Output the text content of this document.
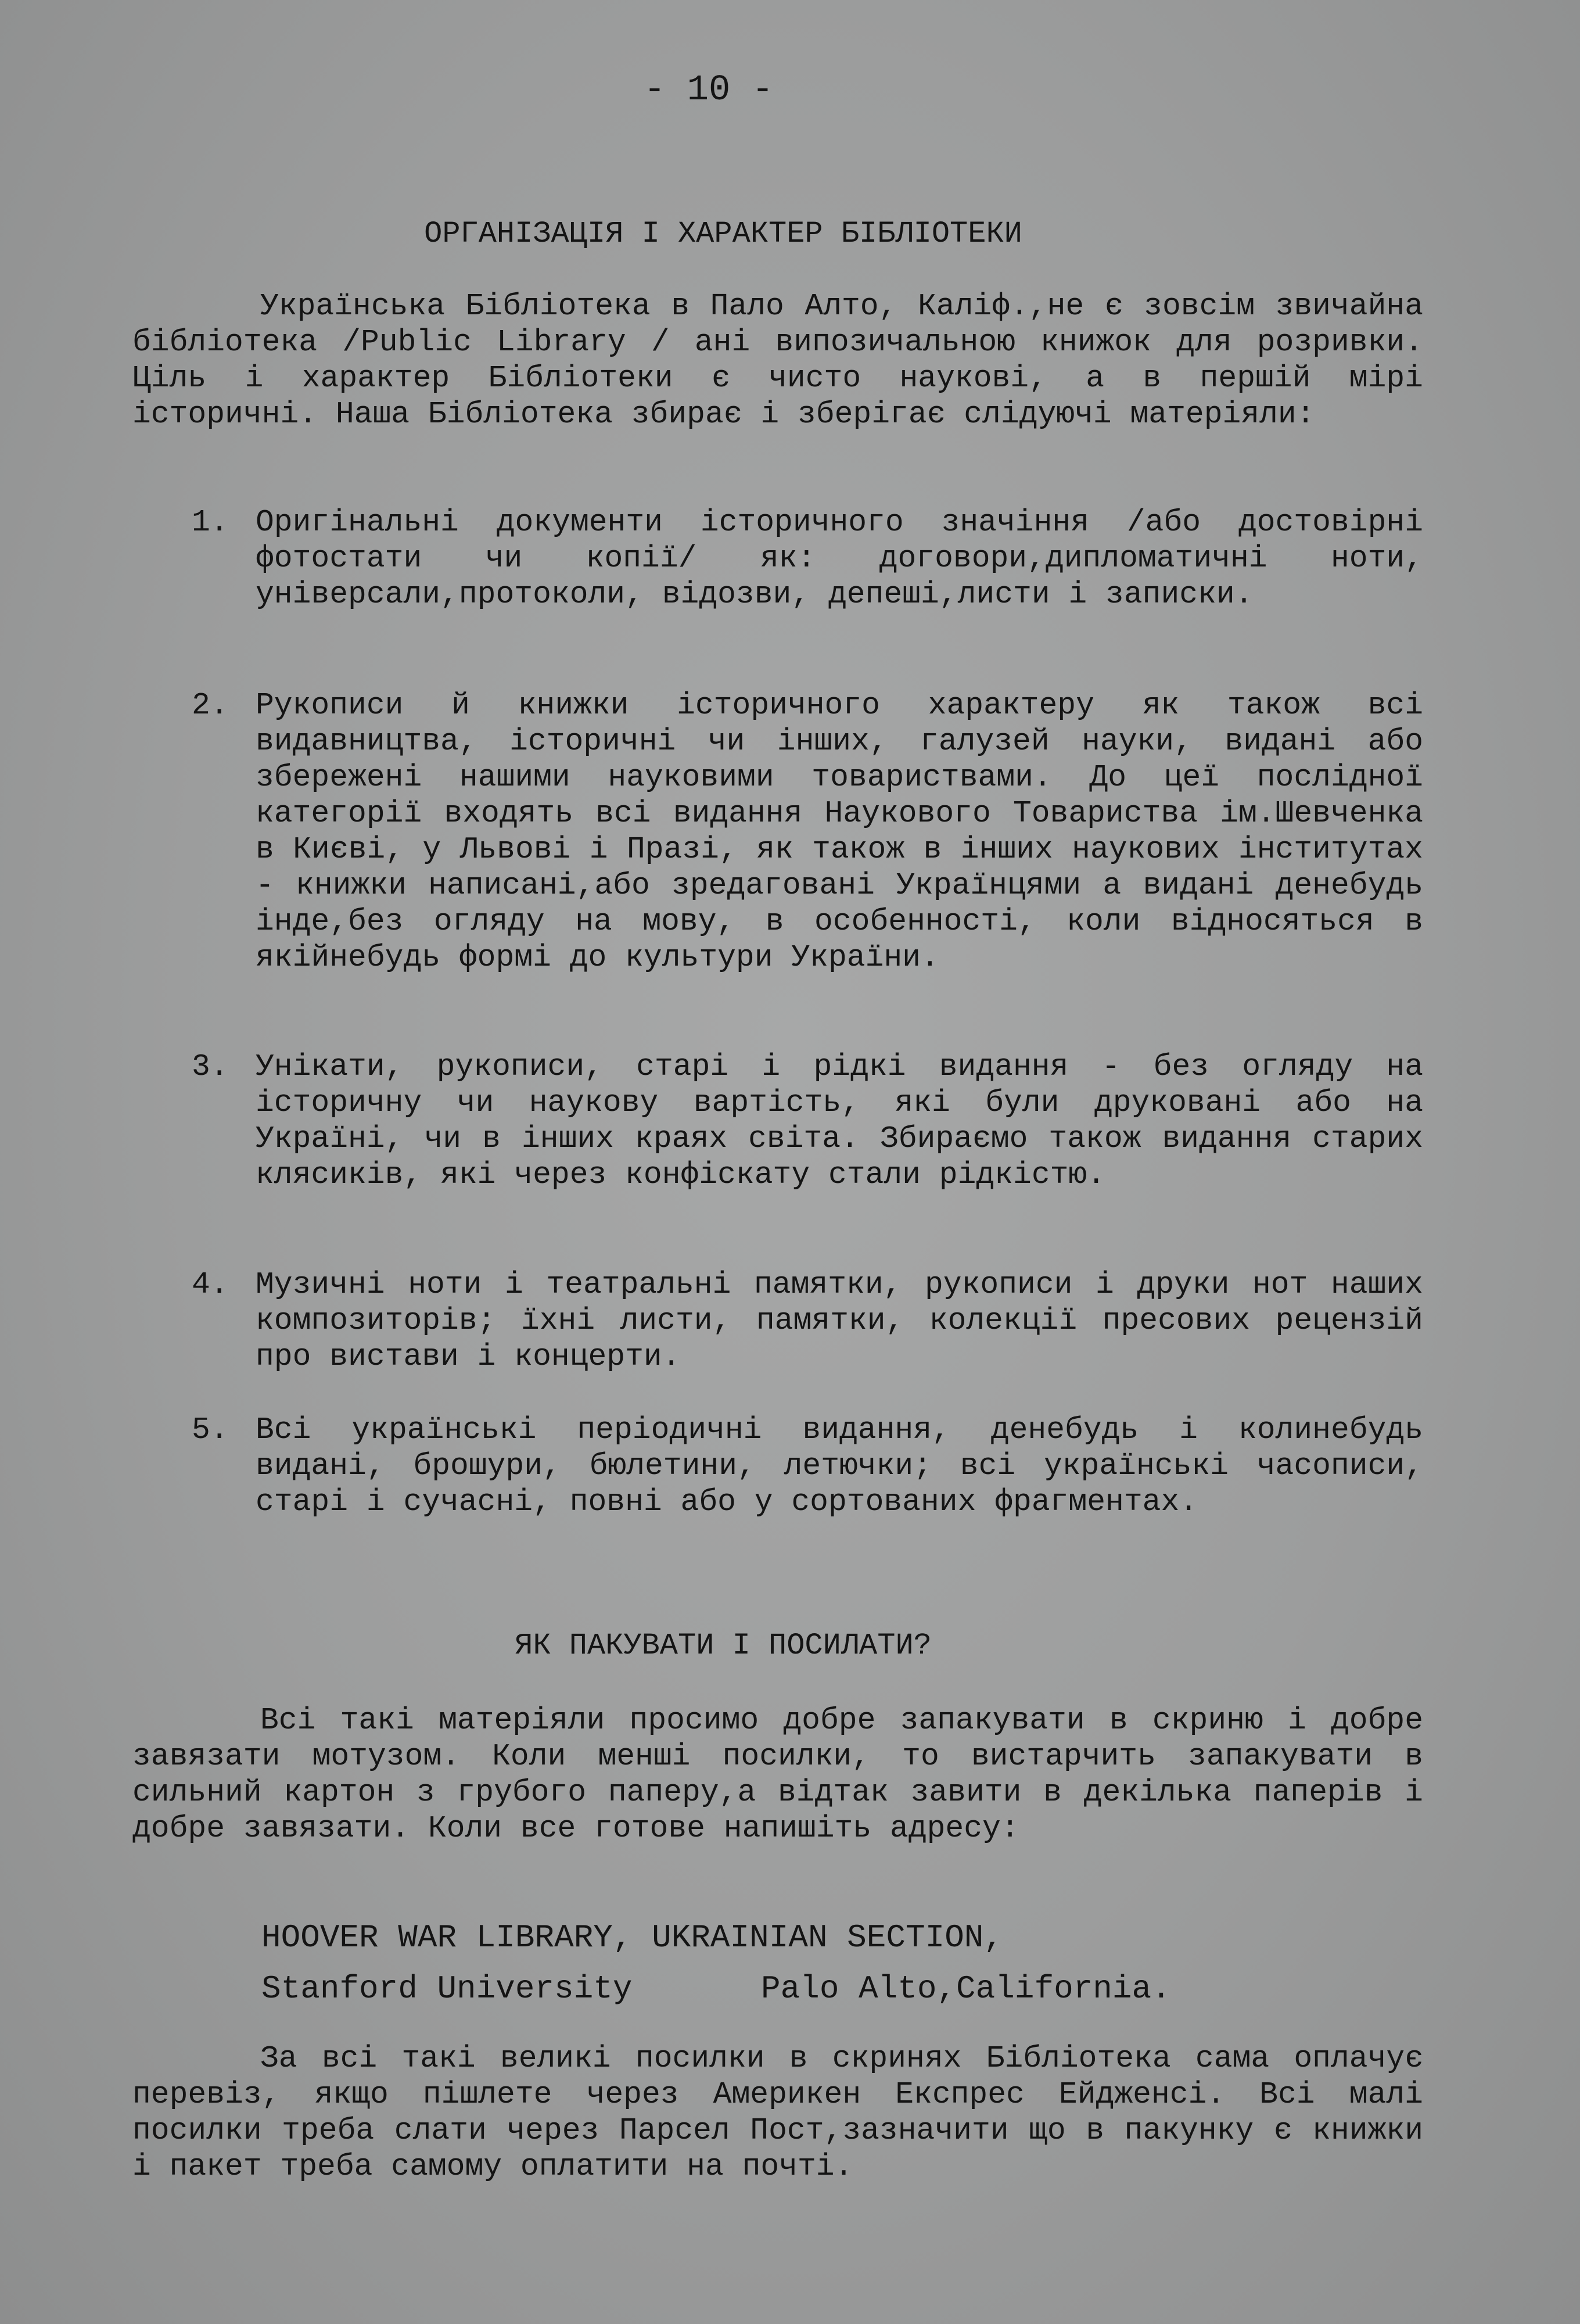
- 10 -
ОРГАНІЗАЦІЯ І ХАРАКТЕР БІБЛІОТЕКИ

Українська Бібліотека в Пало Алто, Каліф.,не є зовсім звичайна бібліотека /Public Library / ані випозичальною книжок для розривки. Ціль і характер Бібліотеки є чисто наукові, а в першій мірі історичні. Наша Бібліотека збирає і зберігає слідуючі матеріяли:

1. Оригінальні документи історичного значіння /або достовірні фотостати чи копії/ як: договори,дипломатичні ноти, універсали,протоколи, відозви, депеші,листи і записки.

2. Рукописи й книжки історичного характеру як також всі видавництва, історичні чи інших, галузей науки, видані або збережені нашими науковими товариствами. До цеї послідної категорії входять всі видання Наукового Товариства ім.Шевченка в Києві, у Львові і Празі, як також в інших наукових інститутах - книжки написані,або зредаговані Українцями а видані денебудь інде,без огляду на мову, в особенності, коли відносяться в якійнебудь формі до культури України.

3. Унікати, рукописи, старі і рідкі видання - без огляду на історичну чи наукову вартість, які були друковані або на Україні, чи в інших краях світа. Збираємо також видання старих клясиків, які через конфіскату стали рідкістю.

4. Музичні ноти і театральні памятки, рукописи і друки нот наших композиторів; їхні листи, памятки, колекції пресових рецензій про вистави і концерти.

5. Всі українські періодичні видання, денебудь і колинебудь видані, брошури, бюлетини, летючки; всі українські часописи, старі і сучасні, повні або у сортованих фрагментах.

ЯК ПАКУВАТИ І ПОСИЛАТИ?

Всі такі матеріяли просимо добре запакувати в скриню і добре завязати мотузом. Коли менші посилки, то вистарчить запакувати в сильний картон з грубого паперу,а відтак завити в декілька паперів і добре завязати. Коли все готове напишіть адресу:

HOOVER WAR LIBRARY, UKRAINIAN SECTION,
Stanford University	Palo Alto,California.

За всі такі великі посилки в скринях Бібліотека сама оплачує перевіз, якщо пішлете через Америкен Експрес Ейдженсі. Всі малі посилки треба слати через Парсел Пост,зазначити що в пакунку є книжки і пакет треба самому оплатити на почті.
